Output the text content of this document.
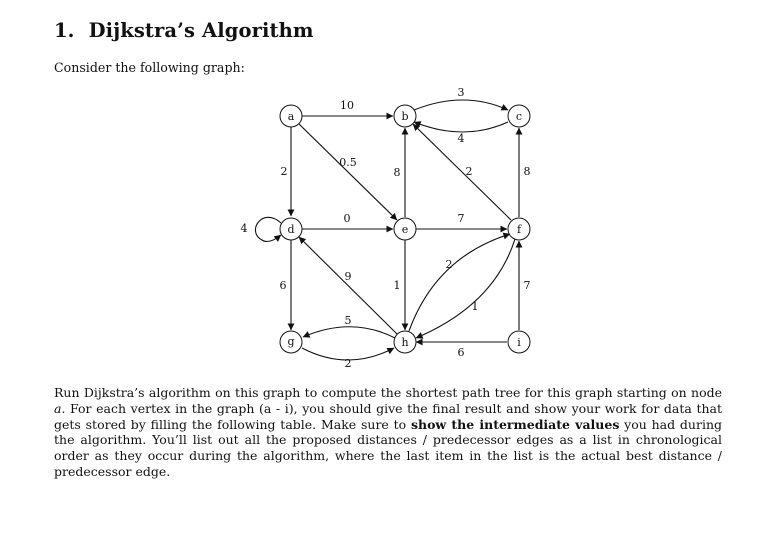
1. Dijkstra’s Algorithm
Consider the following graph:
10
2
0.5
3
4
8	2	8
4
0	7
6
9
1
2
1
7
5
2
6
a	b	c
d	e	f
g	h	i
Run Dijkstra’s algorithm on this graph to compute the shortest path tree for this graph starting on node a. For each vertex in the graph (a - i), you should give the final result and show your work for data that gets stored by filling the following table. Make sure to show the intermediate values you had during the algorithm. You’ll list out all the proposed distances / predecessor edges as a list in chronological order as they occur during the algorithm, where the last item in the list is the actual best distance / predecessor edge.
